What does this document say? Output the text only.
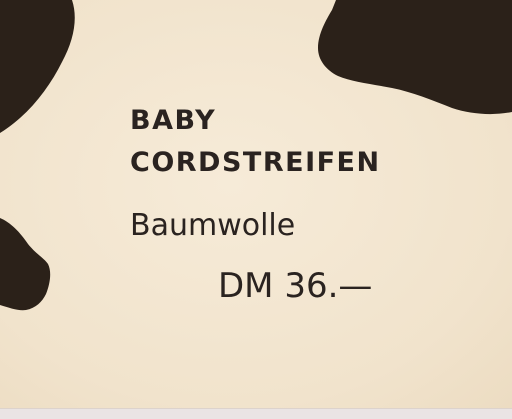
BABY
CORDSTREIFEN
Baumwolle
DM 36.—
